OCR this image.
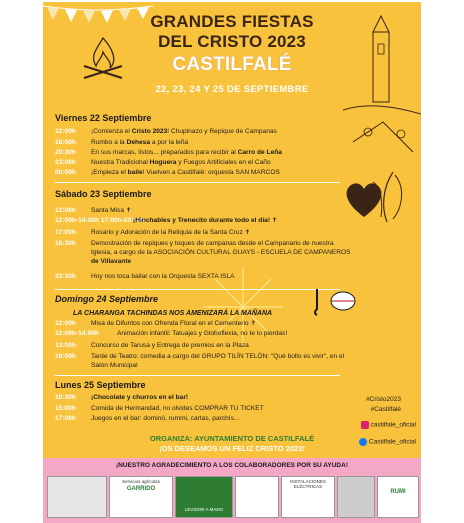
GRANDES FIESTAS
DEL CRISTO 2023
CASTILFALÉ
22, 23, 24 Y 25 DE SEPTIEMBRE
Viernes 22 Septiembre
12:00h ¡Comienza el Cristo 2023! Chupinazo y Repique de Campanas
18:00h Rumbo a la Dehesa a por la leña
20:30h En sus marcas, listos... preparados para recibir al Carro de Leña
23:00h Nuestra Tradicional Hoguera y Fuegos Artificiales en el Caño
00:00h ¡Empieza el baile! Vuelven a Castilfalé: orquesta SAN MARCOS
Sábado 23 Septiembre
12:00h Santa Misa ✝
12:00h-14:00h 17:00h-20:00h¡Hinchables y Trenecito durante todo el día! ✝
17:00h Rosario y Adoración de la Reliquia de la Santa Cruz ✝
18:30h Demostración de repiques y toques de campanas desde el Campanario de nuestra
Iglesia, a cargo de la ASOCIACIÓN CULTURAL GUAYS - ESCUELA DE CAMPANEROS
de Villavante
23:30h Hoy nos toca bailar con la Orquesta SEXTA ISLA
Domingo 24 Septiembre
LA CHARANGA TACHINDAS NOS AMENIZARÁ LA MAÑANA
12:00h Misa de Difuntos con Ofrenda Floral en el Cementerio ✝
12:00h-14:00h	Animación infantil: Tatuajes y Globoflexia, no te lo pierdas!
13:00h Concurso de Tarusa y Entrega de premios en la Plaza
19:00h Tarde de Teatro: comedia a cargo del GRUPO TILÍN TELÓN: "Qué bollo es vivir", en el
Salón Municipal
Lunes 25 Septiembre
10:30h ¡Chocolate y churros en el bar!
15:00h Comida de Hermandad, no olvides COMPRAR TU TICKET
17:00h Juegos en el bar: dominó, rummi, cartas, parchís...
#Cristo2023
#Castilfalé
castilfale_oficial
Castilfale_oficial
ORGANIZA: AYUNTAMIENTO DE CASTILFALÉ
¡OS DESEAMOS UN FELIZ CRISTO 2023!
¡NUESTRO AGRADECIMIENTO A LOS COLABORADORES POR SU AYUDA!
Servicios agrícolas
GARRIDO
LEVIDOR A MANO
INSTALACIONES ELÉCTRICAS
RUMI
